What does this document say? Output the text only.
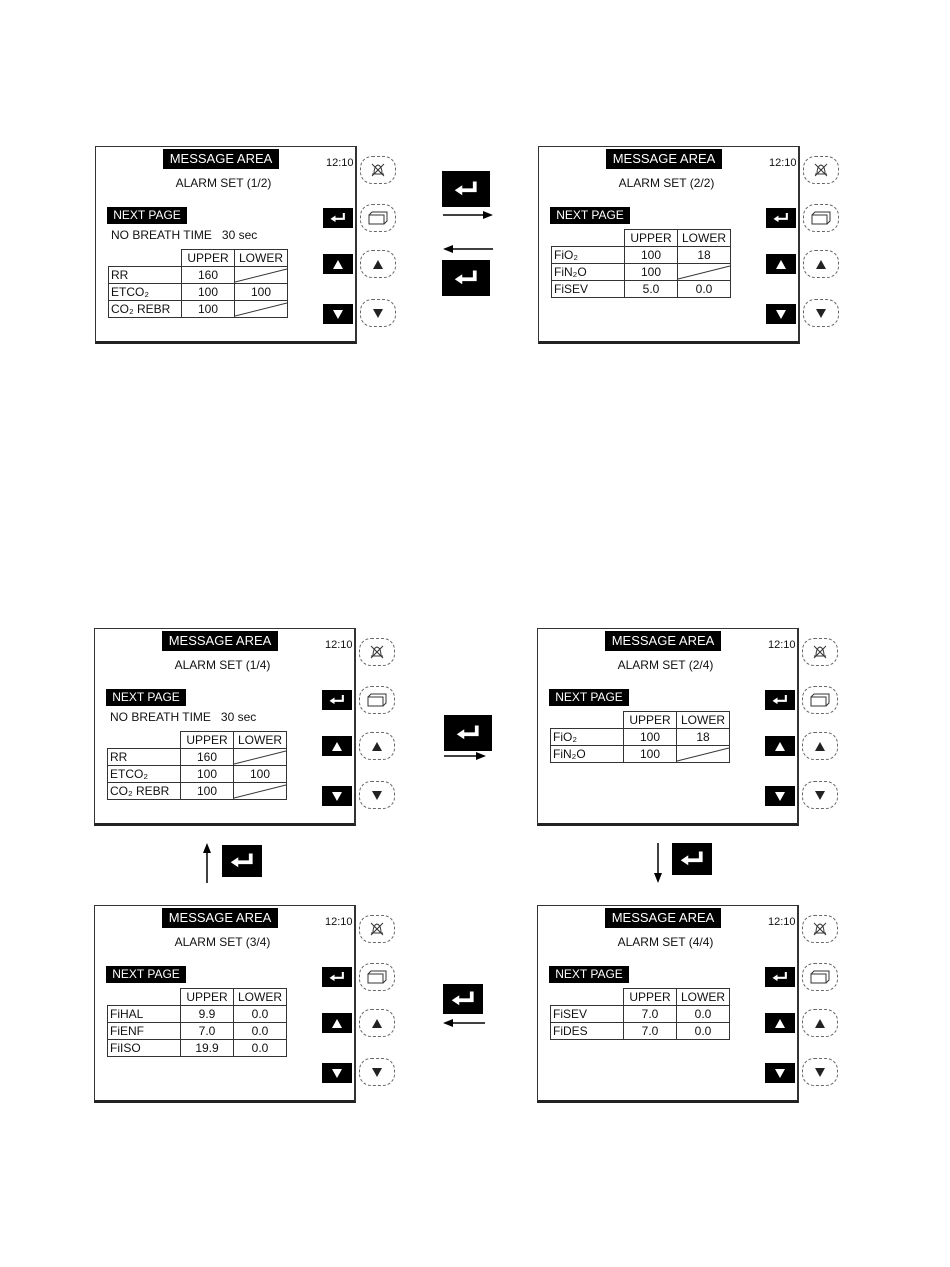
MESSAGE AREA
ALARM SET (1/2)
NEXT PAGE
NO BREATH TIME   30 sec
	UPPER	LOWER
RR	160	

ETCO₂	100	100
CO₂ REBR	100	
MESSAGE AREA
ALARM SET (2/2)
NEXT PAGE
	UPPER	LOWER
FiO₂	100	18
FiN₂O	100	

FiSEV	5.0	0.0
MESSAGE AREA
ALARM SET (1/4)
NEXT PAGE
NO BREATH TIME   30 sec
	UPPER	LOWER
RR	160	

ETCO₂	100	100
CO₂ REBR	100	
MESSAGE AREA
ALARM SET (2/4)
NEXT PAGE
	UPPER	LOWER
FiO₂	100	18
FiN₂O	100	
MESSAGE AREA
ALARM SET (3/4)
NEXT PAGE
	UPPER	LOWER
FiHAL	9.9	0.0
FiENF	7.0	0.0
FiISO	19.9	0.0
MESSAGE AREA
ALARM SET (4/4)
NEXT PAGE
	UPPER	LOWER
FiSEV	7.0	0.0
FiDES	7.0	0.0
12:10	12:10
12:10	12:10
12:10	12:10
